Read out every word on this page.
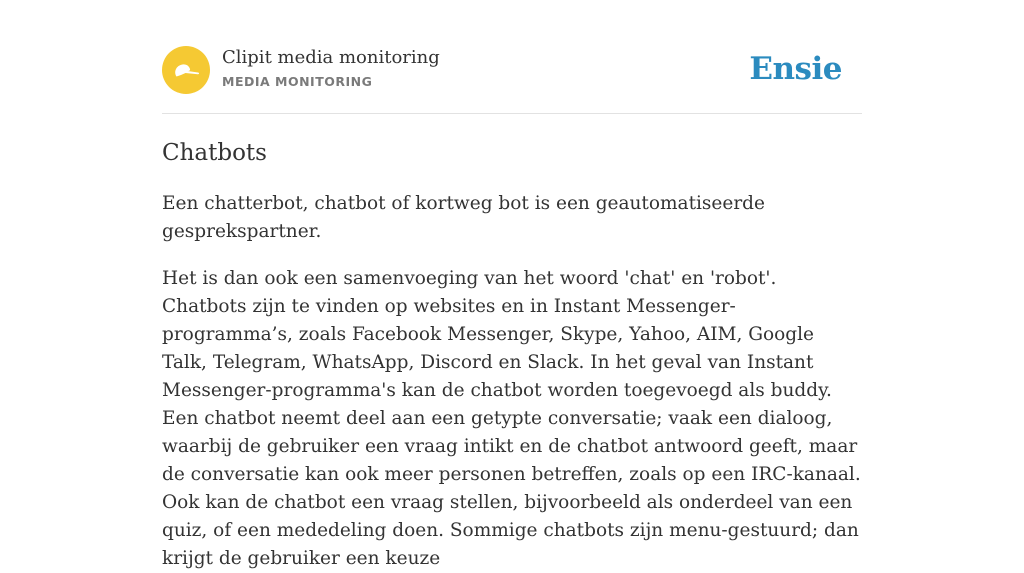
Clipit media monitoring
MEDIA MONITORING	Ensie
Chatbots

Een chatterbot, chatbot of kortweg bot is een geautomatiseerde gesprekspartner.

Het is dan ook een samenvoeging van het woord 'chat' en 'robot'. Chatbots zijn te vinden op websites en in Instant Messenger-programma’s, zoals Facebook Messenger, Skype, Yahoo, AIM, Google Talk, Telegram, WhatsApp, Discord en Slack. In het geval van Instant Messenger-programma's kan de chatbot worden toegevoegd als buddy.

Een chatbot neemt deel aan een getypte conversatie; vaak een dialoog, waarbij de gebruiker een vraag intikt en de chatbot antwoord geeft, maar de conversatie kan ook meer personen betreffen, zoals op een IRC-kanaal. Ook kan de chatbot een vraag stellen, bijvoorbeeld als onderdeel van een quiz, of een mededeling doen. Sommige chatbots zijn menu-gestuurd; dan krijgt de gebruiker een keuze
